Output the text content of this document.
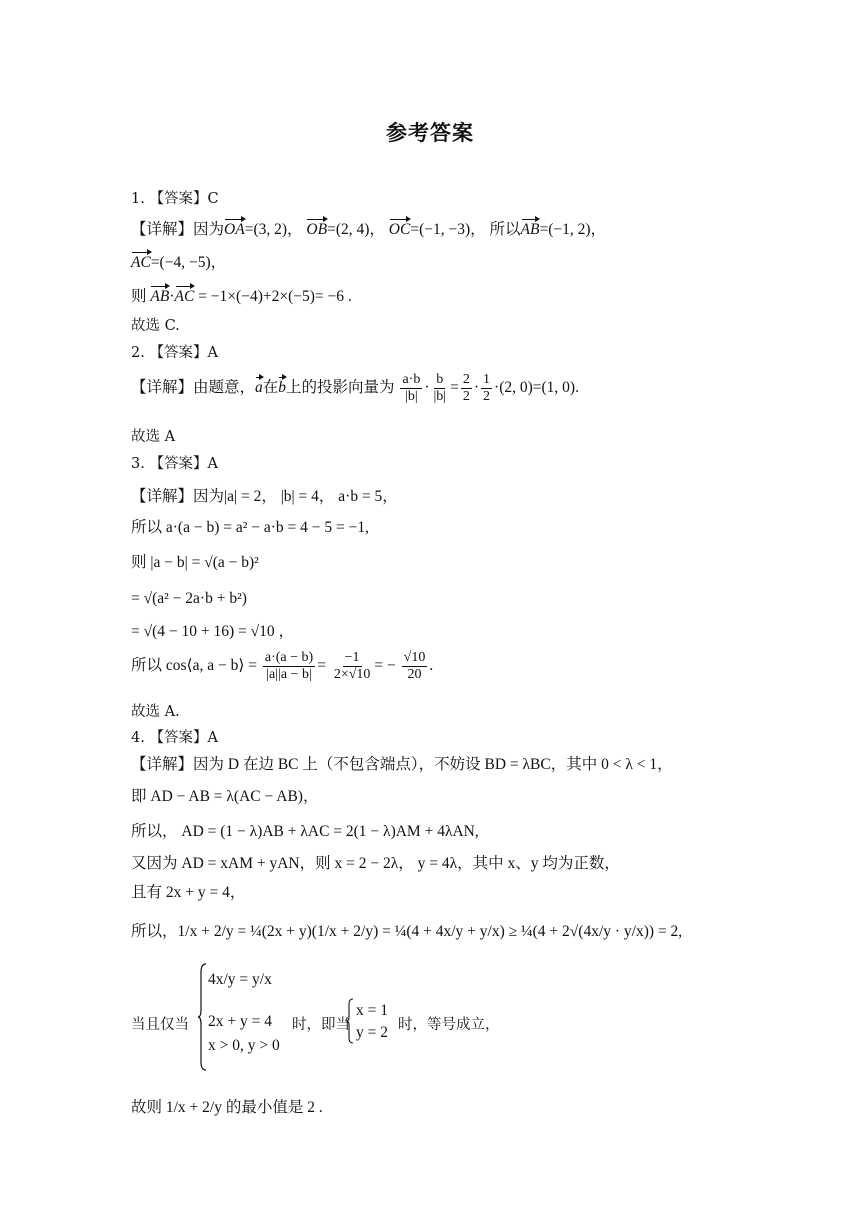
参考答案
1. 【答案】C
【详解】因为OA=(3, 2)， OB=(2, 4)， OC=(−1, −3)， 所以AB=(−1, 2)，
AC=(−4, −5)，
则 AB·AC = −1×(−4)+2×(−5)= −6 .
故选 C.
2. 【答案】A
【详解】由题意，a在b上的投影向量为 $\frac{a\cdot b}{|b|} \cdot \frac{b}{|b|} = \frac{2}{2} \cdot \frac{1}{2} \cdot(2$, 0)=(1, 0).
故选 A
3. 【答案】A
【详解】因为|a| = 2， |b| = 4， a·b = 5，
所以 a·(a − b) = a² − a·b = 4 − 5 = −1,
则 |a − b| = √(a − b)²
= √(a² − 2a·b + b²)
= √(4 − 10 + 16) = √10 ，
所以 cos⟨a, a − b⟩ = $\frac{a\cdot(a - b)}{|a||a - b|} = \frac{-1}{2\times√10}$ = − $\frac{√10}{20}$ .
故选 A.
4. 【答案】A
【详解】因为 D 在边 BC 上（不包含端点），不妨设 BD = λBC，其中 0 < λ < 1，
即 AD − AB = λ(AC − AB)，
所以， AD = (1 − λ)AB + λAC = 2(1 − λ)AM + 4λAN,
又因为 AD = xAM + yAN，则 x = 2 − 2λ， y = 4λ，其中 x、y 均为正数，
且有 2x + y = 4，
所以，1/x + 2/y = ¼(2x + y)(1/x + 2/y) = ¼(4 + 4x/y + y/x) ≥ ¼(4 + 2√(4x/y · y/x)) = 2,
当且仅当
4x/y = y/x
2x + y = 4
x > 0, y > 0
时，即当
x = 1
y = 2 时，等号成立，
故则 1/x + 2/y 的最小值是 2 .
